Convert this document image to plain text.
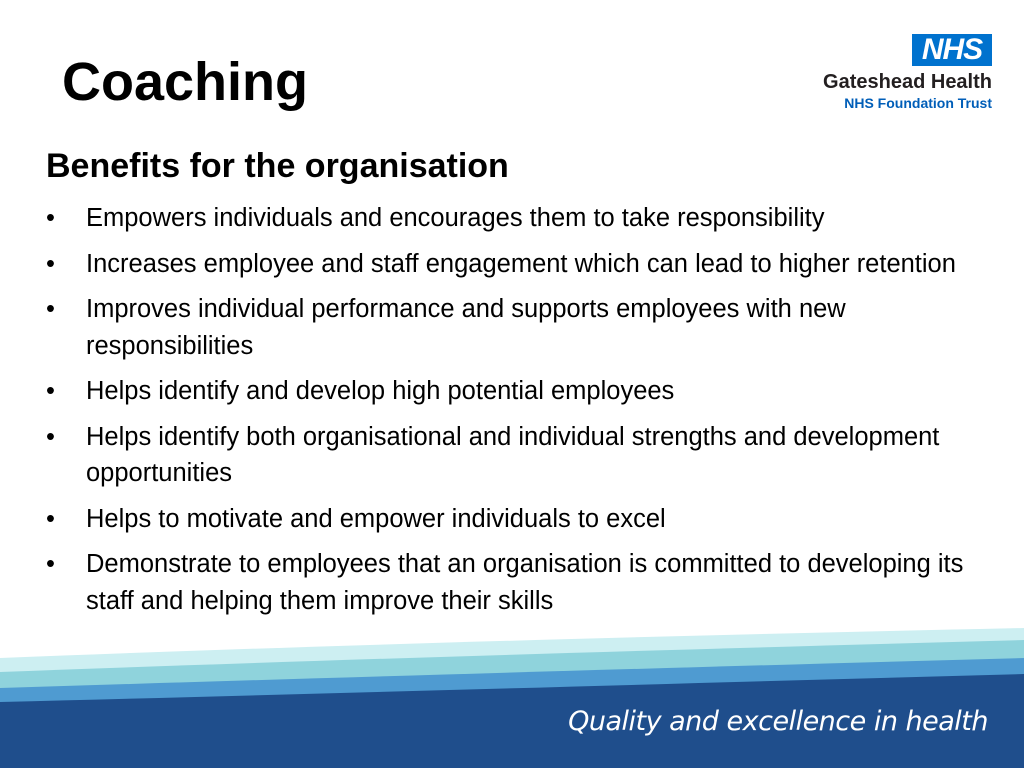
Coaching
NHS
Gateshead Health
NHS Foundation Trust
Benefits for the organisation
•	Empowers individuals and encourages them to take responsibility
•	Increases employee and staff engagement which can lead to higher retention
•	Improves individual performance and supports employees with new responsibilities
•	Helps identify and develop high potential employees
•	Helps identify both organisational and individual strengths and development opportunities
•	Helps to motivate and empower individuals to excel
•	Demonstrate to employees that an organisation is committed to developing its staff and helping them improve their skills
Quality and excellence in health
